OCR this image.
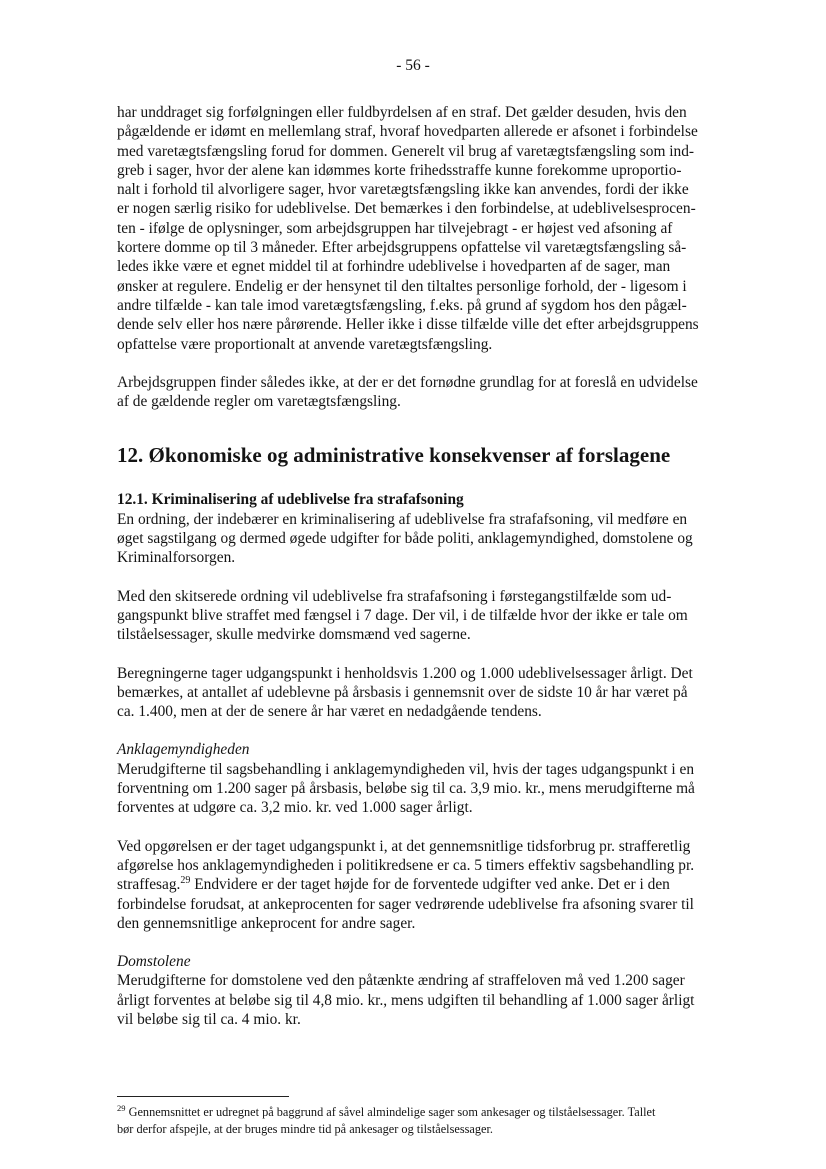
- 56 -

har unddraget sig forfølgningen eller fuldbyrdelsen af en straf. Det gælder desuden, hvis den
pågældende er idømt en mellemlang straf, hvoraf hovedparten allerede er afsonet i forbindelse
med varetægtsfængsling forud for dommen. Generelt vil brug af varetægtsfængsling som ind-
greb i sager, hvor der alene kan idømmes korte frihedsstraffe kunne forekomme uproportio-
nalt i forhold til alvorligere sager, hvor varetægtsfængsling ikke kan anvendes, fordi der ikke
er nogen særlig risiko for udeblivelse. Det bemærkes i den forbindelse, at udeblivelsesprocen-
ten - ifølge de oplysninger, som arbejdsgruppen har tilvejebragt - er højest ved afsoning af
kortere domme op til 3 måneder. Efter arbejdsgruppens opfattelse vil varetægtsfængsling så-
ledes ikke være et egnet middel til at forhindre udeblivelse i hovedparten af de sager, man
ønsker at regulere. Endelig er der hensynet til den tiltaltes personlige forhold, der - ligesom i
andre tilfælde - kan tale imod varetægtsfængsling, f.eks. på grund af sygdom hos den pågæl-
dende selv eller hos nære pårørende. Heller ikke i disse tilfælde ville det efter arbejdsgruppens
opfattelse være proportionalt at anvende varetægtsfængsling.

Arbejdsgruppen finder således ikke, at der er det fornødne grundlag for at foreslå en udvidelse
af de gældende regler om varetægtsfængsling.

12. Økonomiske og administrative konsekvenser af forslagene
12.1. Kriminalisering af udeblivelse fra strafafsoning

En ordning, der indebærer en kriminalisering af udeblivelse fra strafafsoning, vil medføre en
øget sagstilgang og dermed øgede udgifter for både politi, anklagemyndighed, domstolene og
Kriminalforsorgen.

Med den skitserede ordning vil udeblivelse fra strafafsoning i førstegangstilfælde som ud-
gangspunkt blive straffet med fængsel i 7 dage. Der vil, i de tilfælde hvor der ikke er tale om
tilståelsessager, skulle medvirke domsmænd ved sagerne.

Beregningerne tager udgangspunkt i henholdsvis 1.200 og 1.000 udeblivelsessager årligt. Det
bemærkes, at antallet af udeblevne på årsbasis i gennemsnit over de sidste 10 år har været på
ca. 1.400, men at der de senere år har været en nedadgående tendens.

Anklagemyndigheden

Merudgifterne til sagsbehandling i anklagemyndigheden vil, hvis der tages udgangspunkt i en
forventning om 1.200 sager på årsbasis, beløbe sig til ca. 3,9 mio. kr., mens merudgifterne må
forventes at udgøre ca. 3,2 mio. kr. ved 1.000 sager årligt.

Ved opgørelsen er der taget udgangspunkt i, at det gennemsnitlige tidsforbrug pr. strafferetlig
afgørelse hos anklagemyndigheden i politikredsene er ca. 5 timers effektiv sagsbehandling pr.
straffesag.$^{29}$ Endvidere er der taget højde for de forventede udgifter ved anke. Det er i den
forbindelse forudsat, at ankeprocenten for sager vedrørende udeblivelse fra afsoning svarer til
den gennemsnitlige ankeprocent for andre sager.

Domstolene

Merudgifterne for domstolene ved den påtænkte ændring af straffeloven må ved 1.200 sager
årligt forventes at beløbe sig til 4,8 mio. kr., mens udgiften til behandling af 1.000 sager årligt
vil beløbe sig til ca. 4 mio. kr.

$^{29}$ Gennemsnittet er udregnet på baggrund af såvel almindelige sager som ankesager og tilståelsessager. Tallet
bør derfor afspejle, at der bruges mindre tid på ankesager og tilståelsessager.
